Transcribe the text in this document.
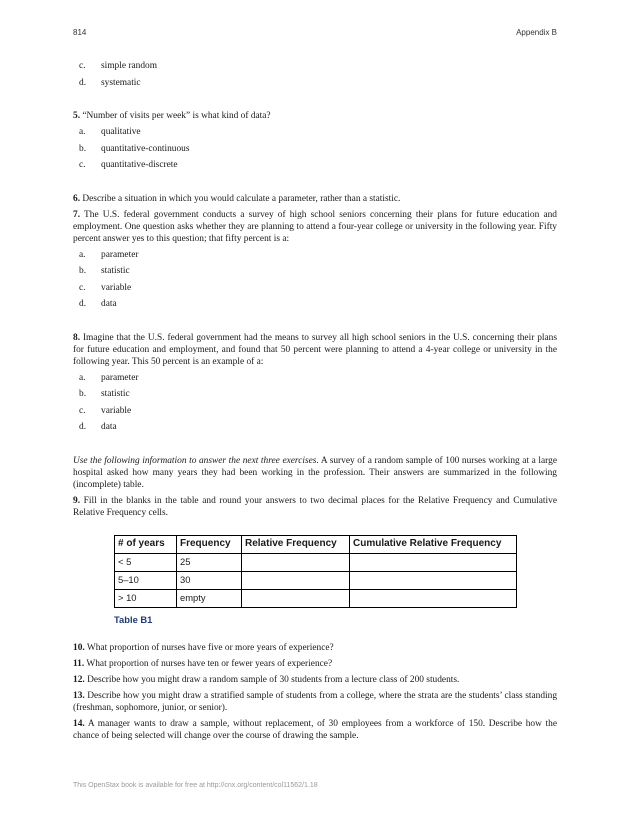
814	Appendix B
c.	simple random
d.	systematic

5. “Number of visits per week” is what kind of data?

a.	qualitative
b.	quantitative-continuous
c.	quantitative-discrete

6. Describe a situation in which you would calculate a parameter, rather than a statistic.

7. The U.S. federal government conducts a survey of high school seniors concerning their plans for future education and employment. One question asks whether they are planning to attend a four-year college or university in the following year. Fifty percent answer yes to this question; that fifty percent is a:

a.	parameter
b.	statistic
c.	variable
d.	data

8. Imagine that the U.S. federal government had the means to survey all high school seniors in the U.S. concerning their plans for future education and employment, and found that 50 percent were planning to attend a 4-year college or university in the following year. This 50 percent is an example of a:

a.	parameter
b.	statistic
c.	variable
d.	data

Use the following information to answer the next three exercises. A survey of a random sample of 100 nurses working at a large hospital asked how many years they had been working in the profession. Their answers are summarized in the following (incomplete) table.

9. Fill in the blanks in the table and round your answers to two decimal places for the Relative Frequency and Cumulative Relative Frequency cells.

# of years	Frequency	Relative Frequency	Cumulative Relative Frequency
< 5	25		
5–10	30		
> 10	empty		
Table B1

10. What proportion of nurses have five or more years of experience?

11. What proportion of nurses have ten or fewer years of experience?

12. Describe how you might draw a random sample of 30 students from a lecture class of 200 students.

13. Describe how you might draw a stratified sample of students from a college, where the strata are the students’ class standing (freshman, sophomore, junior, or senior).

14. A manager wants to draw a sample, without replacement, of 30 employees from a workforce of 150. Describe how the chance of being selected will change over the course of drawing the sample.

This OpenStax book is available for free at http://cnx.org/content/col11562/1.18
